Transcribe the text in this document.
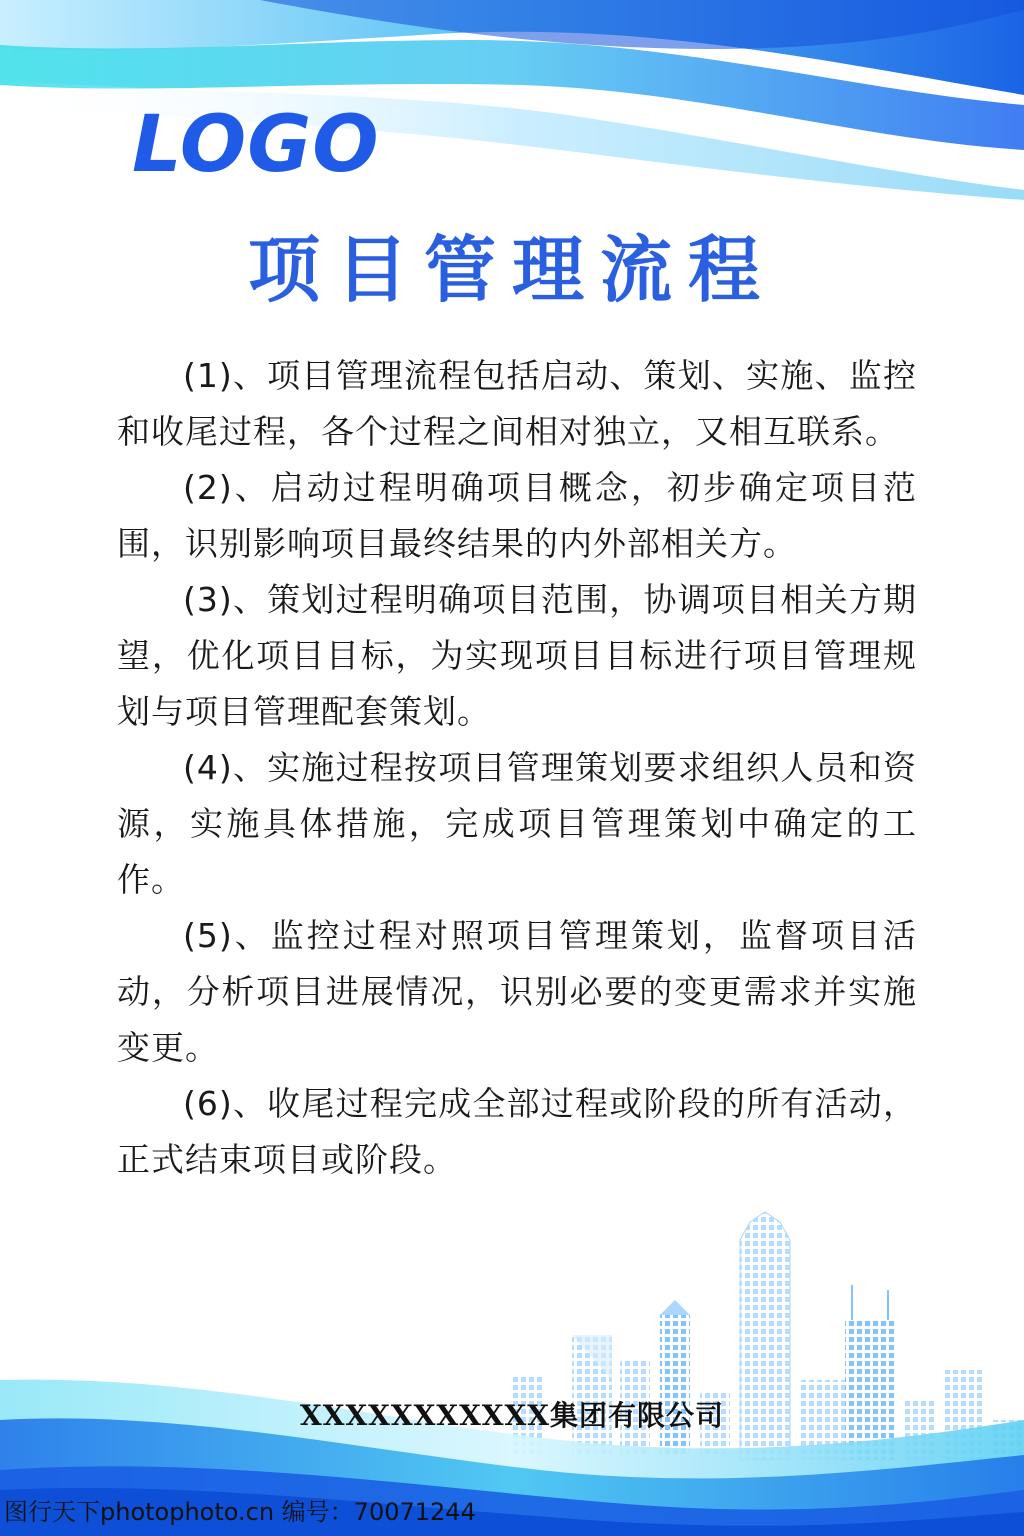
LOGO
项目管理流程

(1)、项目管理流程包括启动、策划、实施、监控和收尾过程，各个过程之间相对独立，又相互联系。

(2)、启动过程明确项目概念，初步确定项目范围，识别影响项目最终结果的内外部相关方。

(3)、策划过程明确项目范围，协调项目相关方期望，优化项目目标，为实现项目目标进行项目管理规划与项目管理配套策划。

(4)、实施过程按项目管理策划要求组织人员和资源，实施具体措施，完成项目管理策划中确定的工作。

(5)、监控过程对照项目管理策划，监督项目活动，分析项目进展情况，识别必要的变更需求并实施变更。

(6)、收尾过程完成全部过程或阶段的所有活动，正式结束项目或阶段。

XXXXXXXXXXX集团有限公司
图行天下photophoto.cn 编号：70071244
